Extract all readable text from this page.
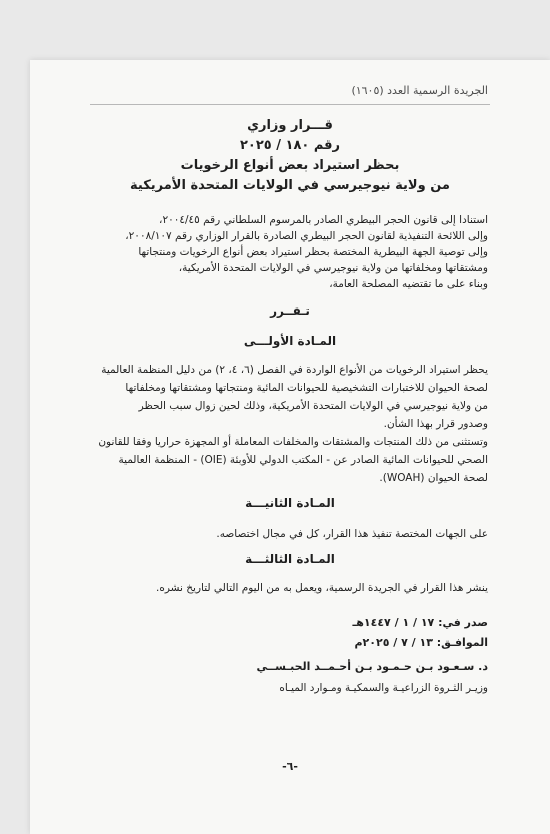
الجريدة الرسمية العدد (١٦٠٥)
قـــرار وزاري
رقم ١٨٠ / ٢٠٢٥
بحظر استيراد بعض أنواع الرخويات
من ولاية نيوجيرسي في الولايات المتحدة الأمريكية
استنادا إلى قانون الحجر البيطري الصادر بالمرسوم السلطاني رقم ٢٠٠٤/٤٥،
وإلى اللائحة التنفيذية لقانون الحجر البيطري الصادرة بالقرار الوزاري رقم ٢٠٠٨/١٠٧،
وإلى توصية الجهة البيطرية المختصة بحظر استيراد بعض أنواع الرخويات ومنتجاتها
ومشتقاتها ومخلفاتها من ولاية نيوجيرسي في الولايات المتحدة الأمريكية،
وبناء على ما تقتضيه المصلحة العامة،
تـقــرر
المـادة الأولـــى
يحظر استيراد الرخويات من الأنواع الواردة في الفصل (٦، ٤، ٢) من دليل المنظمة العالمية
لصحة الحيوان للاختبارات التشخيصية للحيوانات المائية ومنتجاتها ومشتقاتها ومخلفاتها
من ولاية نيوجيرسي في الولايات المتحدة الأمريكية، وذلك لحين زوال سبب الحظر
وصدور قرار بهذا الشأن.
وتستثنى من ذلك المنتجات والمشتقات والمخلفات المعاملة أو المجهزة حراريا وفقا للقانون
الصحي للحيوانات المائية الصادر عن - المكتب الدولي للأوبئة (OIE) - المنظمة العالمية
لصحة الحيوان (WOAH).
المـادة الثانيـــة
على الجهات المختصة تنفيذ هذا القرار، كل في مجال اختصاصه.
المـادة الثالثـــة
ينشر هذا القرار في الجريدة الرسمية، ويعمل به من اليوم التالي لتاريخ نشره.
صدر في: ١٧ / ١ / ١٤٤٧هـ
الموافـق: ١٣ / ٧ / ٢٠٢٥م
د. سـعـود بـن حـمـود بـن أحـمــد الحبـســي
وزيـر الثـروة الزراعيـة والسمكيـة ومـوارد الميـاه
-٦-
